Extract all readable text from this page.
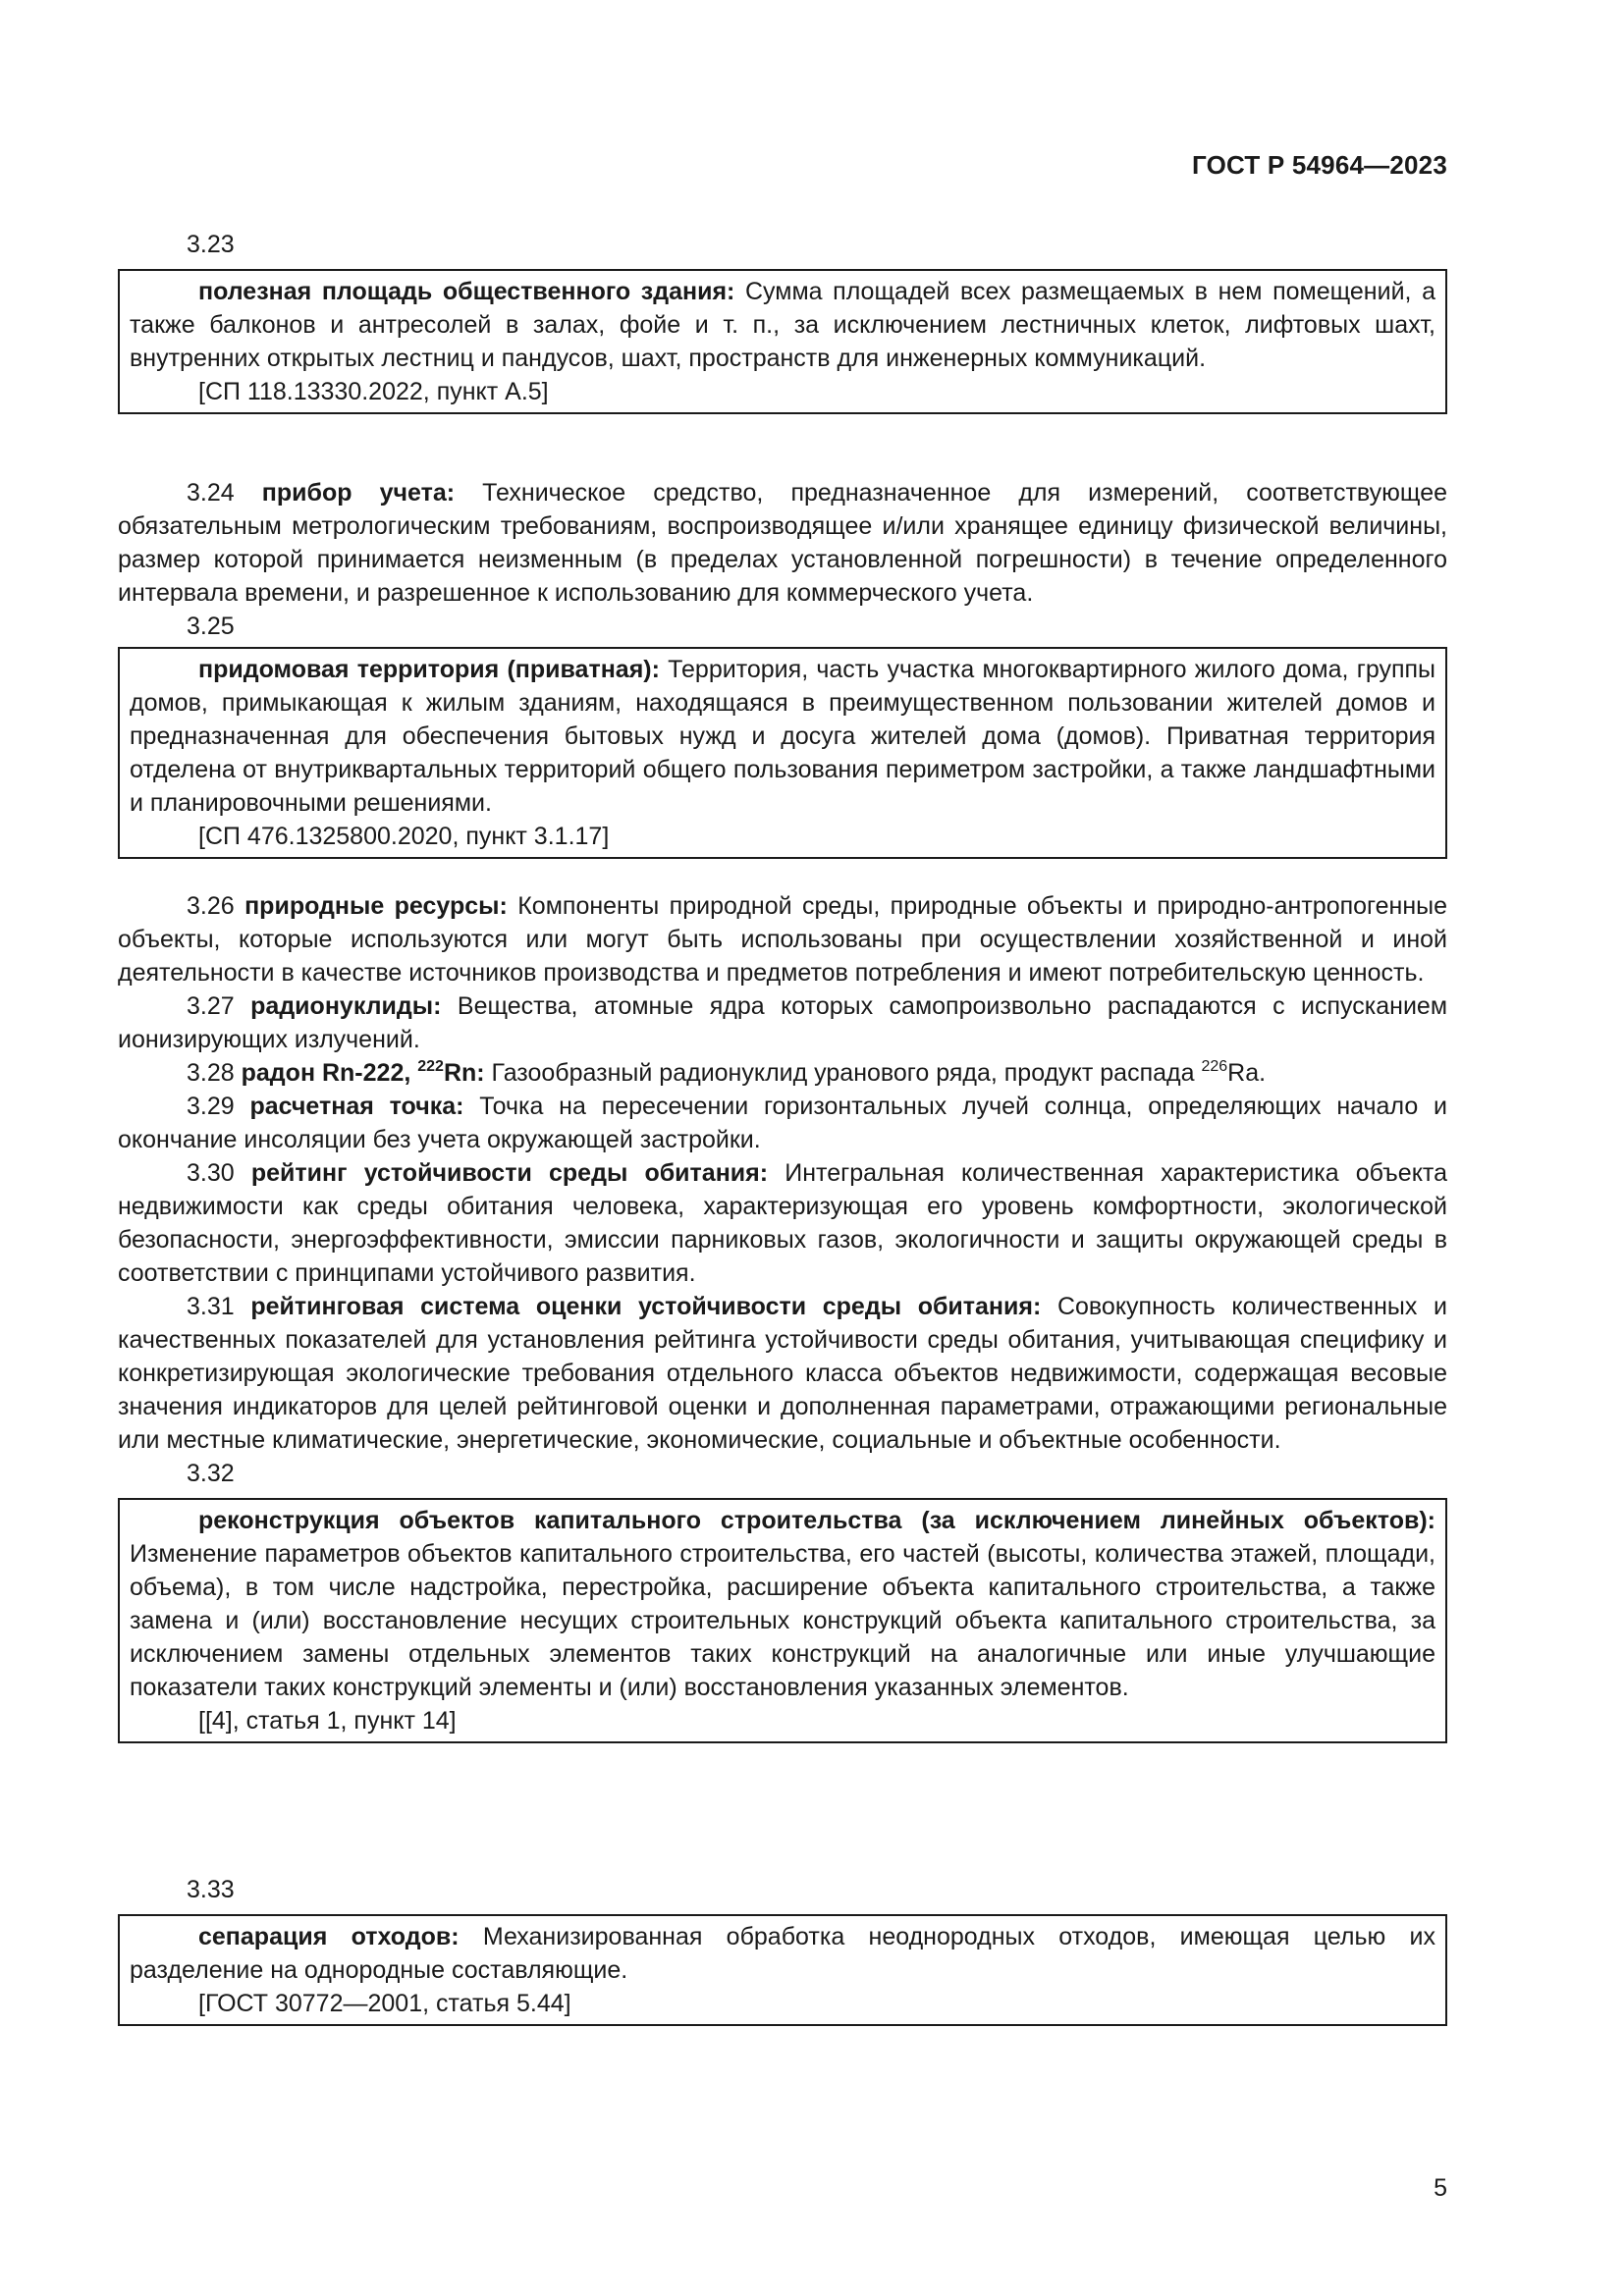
ГОСТ Р 54964—2023
3.23
полезная площадь общественного здания: Сумма площадей всех размещаемых в нем помещений, а также балконов и антресолей в залах, фойе и т. п., за исключением лестничных клеток, лифтовых шахт, внутренних открытых лестниц и пандусов, шахт, пространств для инженерных коммуникаций.
[СП 118.13330.2022, пункт А.5]
3.24 прибор учета: Техническое средство, предназначенное для измерений, соответствующее обязательным метрологическим требованиям, воспроизводящее и/или хранящее единицу физической величины, размер которой принимается неизменным (в пределах установленной погрешности) в течение определенного интервала времени, и разрешенное к использованию для коммерческого учета.
3.25
придомовая территория (приватная): Территория, часть участка многоквартирного жилого дома, группы домов, примыкающая к жилым зданиям, находящаяся в преимущественном пользовании жителей домов и предназначенная для обеспечения бытовых нужд и досуга жителей дома (домов). Приватная территория отделена от внутриквартальных территорий общего пользования периметром застройки, а также ландшафтными и планировочными решениями.
[СП 476.1325800.2020, пункт 3.1.17]
3.26 природные ресурсы: Компоненты природной среды, природные объекты и природно-антропогенные объекты, которые используются или могут быть использованы при осуществлении хозяйственной и иной деятельности в качестве источников производства и предметов потребления и имеют потребительскую ценность.
3.27 радионуклиды: Вещества, атомные ядра которых самопроизвольно распадаются с испусканием ионизирующих излучений.
3.28 радон Rn-222, $^{222}$Rn: Газообразный радионуклид уранового ряда, продукт распада $^{226}$Ra.
3.29 расчетная точка: Точка на пересечении горизонтальных лучей солнца, определяющих начало и окончание инсоляции без учета окружающей застройки.
3.30 рейтинг устойчивости среды обитания: Интегральная количественная характеристика объекта недвижимости как среды обитания человека, характеризующая его уровень комфортности, экологической безопасности, энергоэффективности, эмиссии парниковых газов, экологичности и защиты окружающей среды в соответствии с принципами устойчивого развития.
3.31 рейтинговая система оценки устойчивости среды обитания: Совокупность количественных и качественных показателей для установления рейтинга устойчивости среды обитания, учитывающая специфику и конкретизирующая экологические требования отдельного класса объектов недвижимости, содержащая весовые значения индикаторов для целей рейтинговой оценки и дополненная параметрами, отражающими региональные или местные климатические, энергетические, экономические, социальные и объектные особенности.
3.32
реконструкция объектов капитального строительства (за исключением линейных объектов): Изменение параметров объектов капитального строительства, его частей (высоты, количества этажей, площади, объема), в том числе надстройка, перестройка, расширение объекта капитального строительства, а также замена и (или) восстановление несущих строительных конструкций объекта капитального строительства, за исключением замены отдельных элементов таких конструкций на аналогичные или иные улучшающие показатели таких конструкций элементы и (или) восстановления указанных элементов.
[[4], статья 1, пункт 14]
3.33
сепарация отходов: Механизированная обработка неоднородных отходов, имеющая целью их разделение на однородные составляющие.
[ГОСТ 30772—2001, статья 5.44]
5
